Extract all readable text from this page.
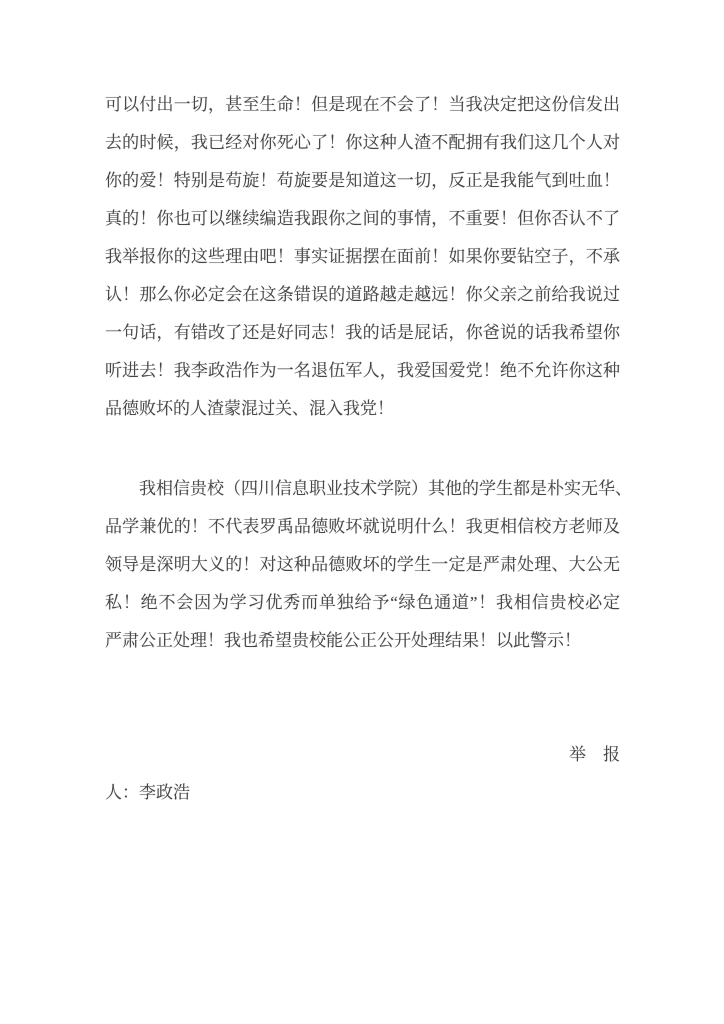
可以付出一切，甚至生命！但是现在不会了！当我决定把这份信发出
去的时候，我已经对你死心了！你这种人渣不配拥有我们这几个人对
你的爱！特别是苟旋！苟旋要是知道这一切，反正是我能气到吐血！
真的！你也可以继续编造我跟你之间的事情，不重要！但你否认不了
我举报你的这些理由吧！事实证据摆在面前！如果你要钻空子，不承
认！那么你必定会在这条错误的道路越走越远！你父亲之前给我说过
一句话，有错改了还是好同志！我的话是屁话，你爸说的话我希望你
听进去！我李政浩作为一名退伍军人，我爱国爱党！绝不允许你这种
品德败坏的人渣蒙混过关、混入我党！
我相信贵校（四川信息职业技术学院）其他的学生都是朴实无华、
品学兼优的！不代表罗禹品德败坏就说明什么！我更相信校方老师及
领导是深明大义的！对这种品德败坏的学生一定是严肃处理、大公无
私！绝不会因为学习优秀而单独给予“绿色通道”！我相信贵校必定
严肃公正处理！我也希望贵校能公正公开处理结果！以此警示！
举　报
人：李政浩
